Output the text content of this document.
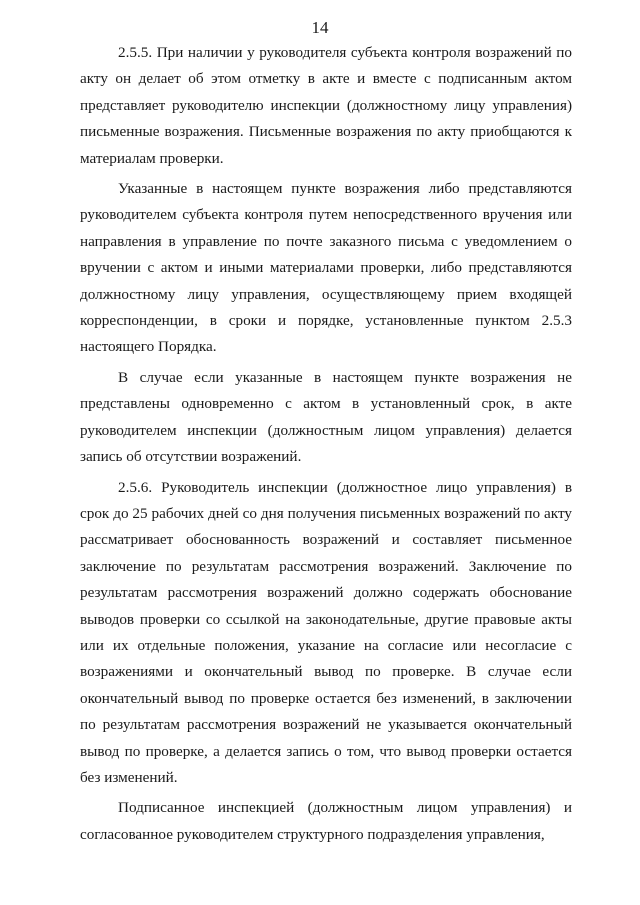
14

2.5.5. При наличии у руководителя субъекта контроля возражений по акту он делает об этом отметку в акте и вместе с подписанным актом представляет руководителю инспекции (должностному лицу управления) письменные возражения. Письменные возражения по акту приобщаются к материалам проверки.

Указанные в настоящем пункте возражения либо представляются руководителем субъекта контроля путем непосредственного вручения или направления в управление по почте заказного письма с уведомлением о вручении с актом и иными материалами проверки, либо представляются должностному лицу управления, осуществляющему прием входящей корреспонденции, в сроки и порядке, установленные пунктом 2.5.3 настоящего Порядка.

В случае если указанные в настоящем пункте возражения не представлены одновременно с актом в установленный срок, в акте руководителем инспекции (должностным лицом управления) делается запись об отсутствии возражений.

2.5.6. Руководитель инспекции (должностное лицо управления) в срок до 25 рабочих дней со дня получения письменных возражений по акту рассматривает обоснованность возражений и составляет письменное заключение по результатам рассмотрения возражений. Заключение по результатам рассмотрения возражений должно содержать обоснование выводов проверки со ссылкой на законодательные, другие правовые акты или их отдельные положения, указание на согласие или несогласие с возражениями и окончательный вывод по проверке. В случае если окончательный вывод по проверке остается без изменений, в заключении по результатам рассмотрения возражений не указывается окончательный вывод по проверке, а делается запись о том, что вывод проверки остается без изменений.

Подписанное инспекцией (должностным лицом управления) и согласованное руководителем структурного подразделения управления,
